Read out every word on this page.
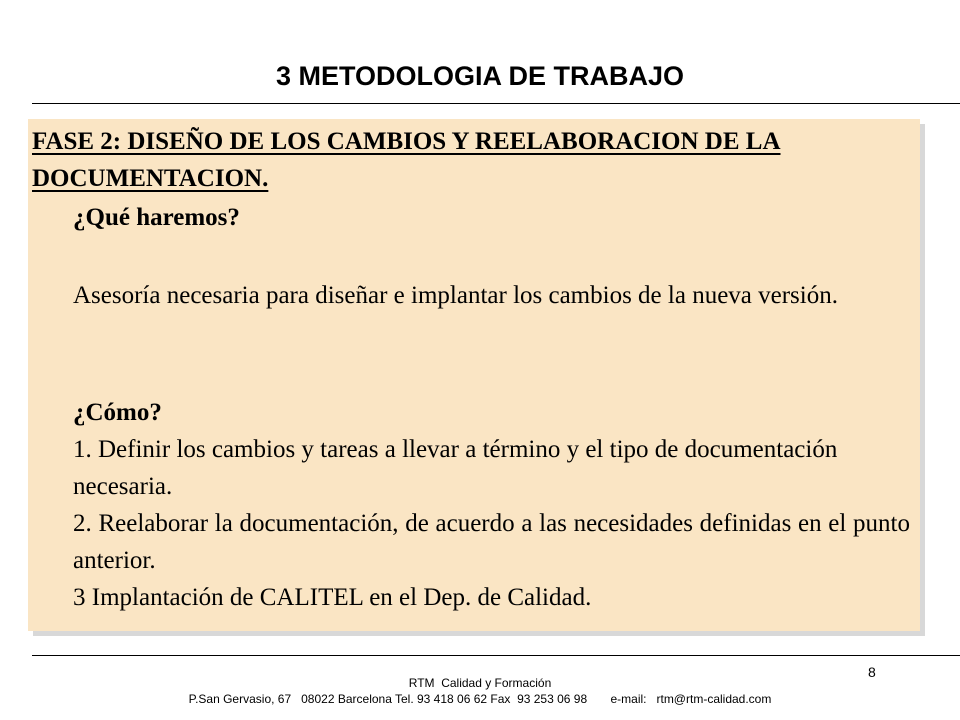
3 METODOLOGIA DE TRABAJO

FASE 2: DISEÑO DE LOS CAMBIOS Y REELABORACION DE LA DOCUMENTACION.

¿Qué haremos?

Asesoría necesaria para diseñar e implantar los cambios de la nueva versión.

¿Cómo?

1. Definir los cambios y tareas a llevar a término y el tipo de documentación necesaria.

2. Reelaborar la documentación, de acuerdo a las necesidades definidas en el punto anterior.

3 Implantación de CALITEL en el Dep. de Calidad.

8
RTM  Calidad y Formación
P.San Gervasio, 67   08022 Barcelona Tel. 93 418 06 62 Fax  93 253 06 98       e-mail:   rtm@rtm-calidad.com
